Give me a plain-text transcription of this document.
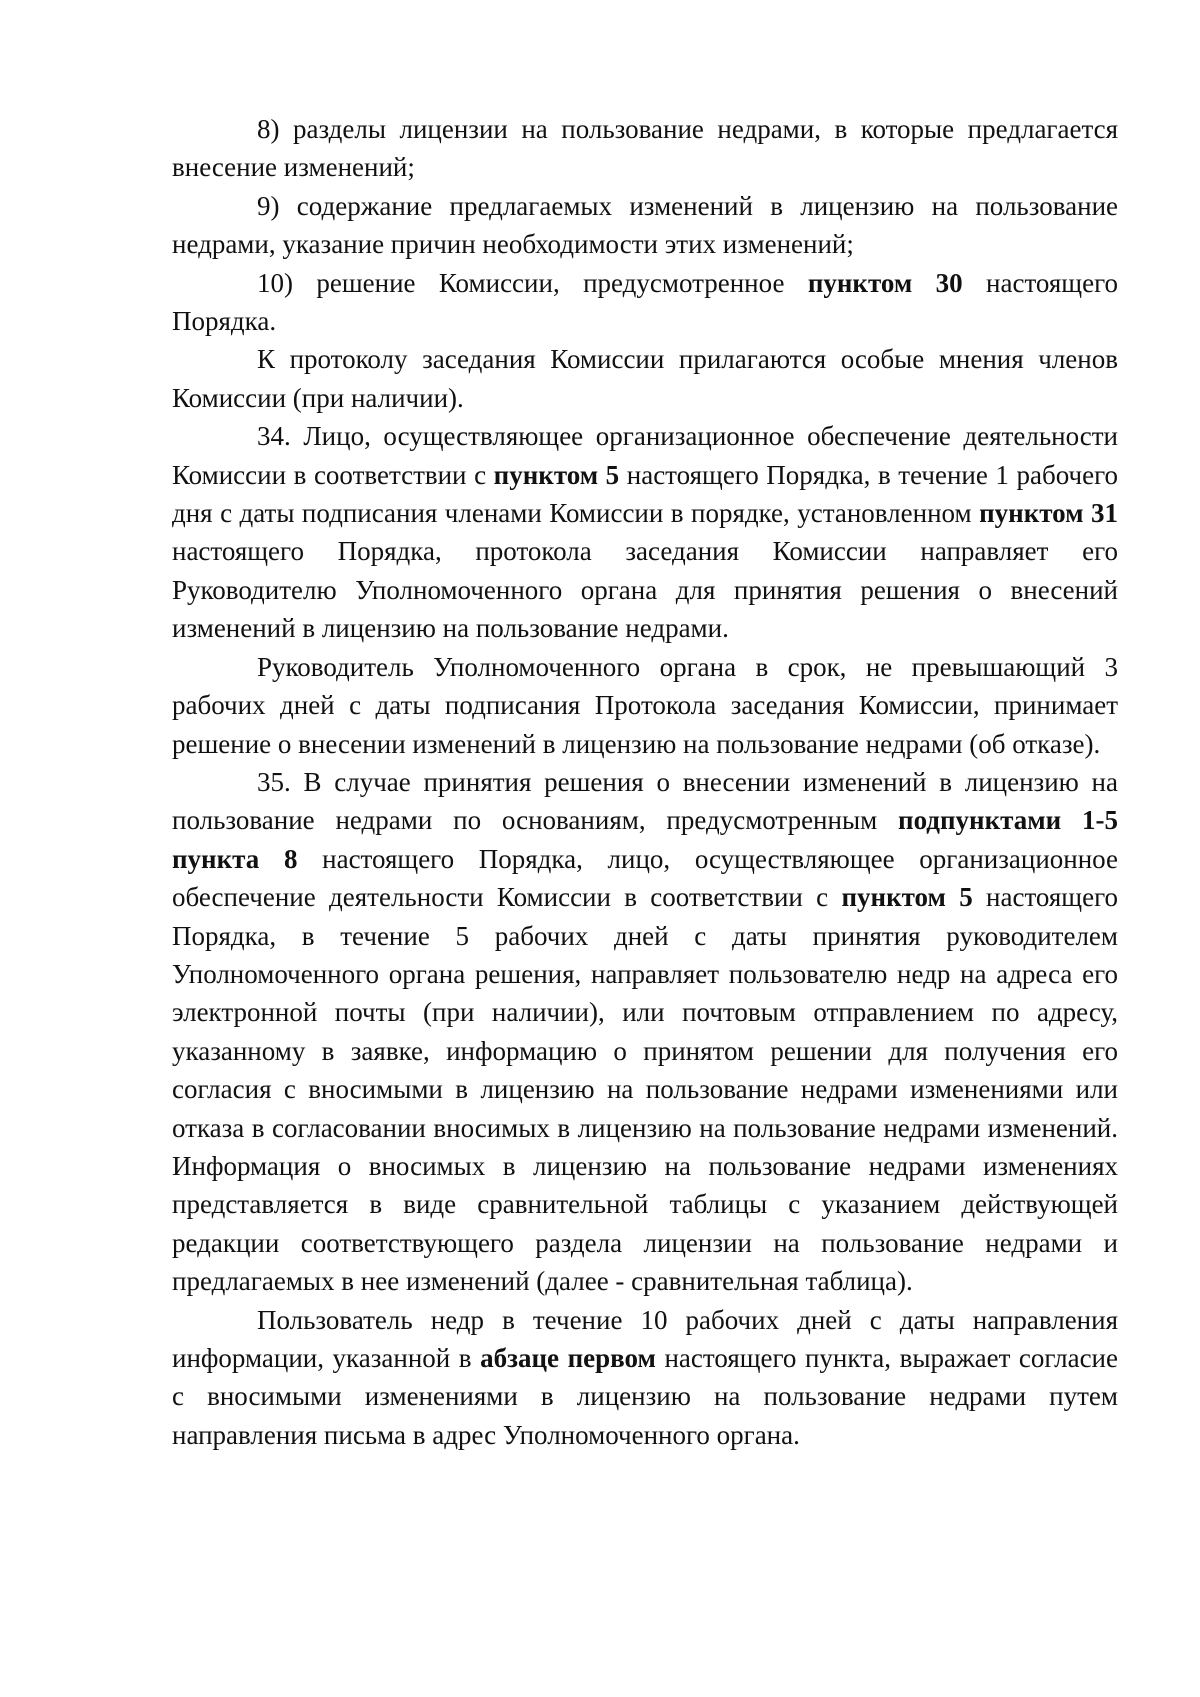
8) разделы лицензии на пользование недрами, в которые предлагается внесение изменений;

9) содержание предлагаемых изменений в лицензию на пользование недрами, указание причин необходимости этих изменений;

10) решение Комиссии, предусмотренное пунктом 30 настоящего Порядка.

К протоколу заседания Комиссии прилагаются особые мнения членов Комиссии (при наличии).

34. Лицо, осуществляющее организационное обеспечение деятельности Комиссии в соответствии с пунктом 5 настоящего Порядка, в течение 1 рабочего дня с даты подписания членами Комиссии в порядке, установленном пунктом 31 настоящего Порядка, протокола заседания Комиссии направляет его Руководителю Уполномоченного органа для принятия решения о внесений изменений в лицензию на пользование недрами.

Руководитель Уполномоченного органа в срок, не превышающий 3 рабочих дней с даты подписания Протокола заседания Комиссии, принимает решение о внесении изменений в лицензию на пользование недрами (об отказе).

35. В случае принятия решения о внесении изменений в лицензию на пользование недрами по основаниям, предусмотренным подпунктами 1-5 пункта 8 настоящего Порядка, лицо, осуществляющее организационное обеспечение деятельности Комиссии в соответствии с пунктом 5 настоящего Порядка, в течение 5 рабочих дней с даты принятия руководителем Уполномоченного органа решения, направляет пользователю недр на адреса его электронной почты (при наличии), или почтовым отправлением по адресу, указанному в заявке, информацию о принятом решении для получения его согласия с вносимыми в лицензию на пользование недрами изменениями или отказа в согласовании вносимых в лицензию на пользование недрами изменений. Информация о вносимых в лицензию на пользование недрами изменениях представляется в виде сравнительной таблицы с указанием действующей редакции соответствующего раздела лицензии на пользование недрами и предлагаемых в нее изменений (далее - сравнительная таблица).

Пользователь недр в течение 10 рабочих дней с даты направления информации, указанной в абзаце первом настоящего пункта, выражает согласие с вносимыми изменениями в лицензию на пользование недрами путем направления письма в адрес Уполномоченного органа.
